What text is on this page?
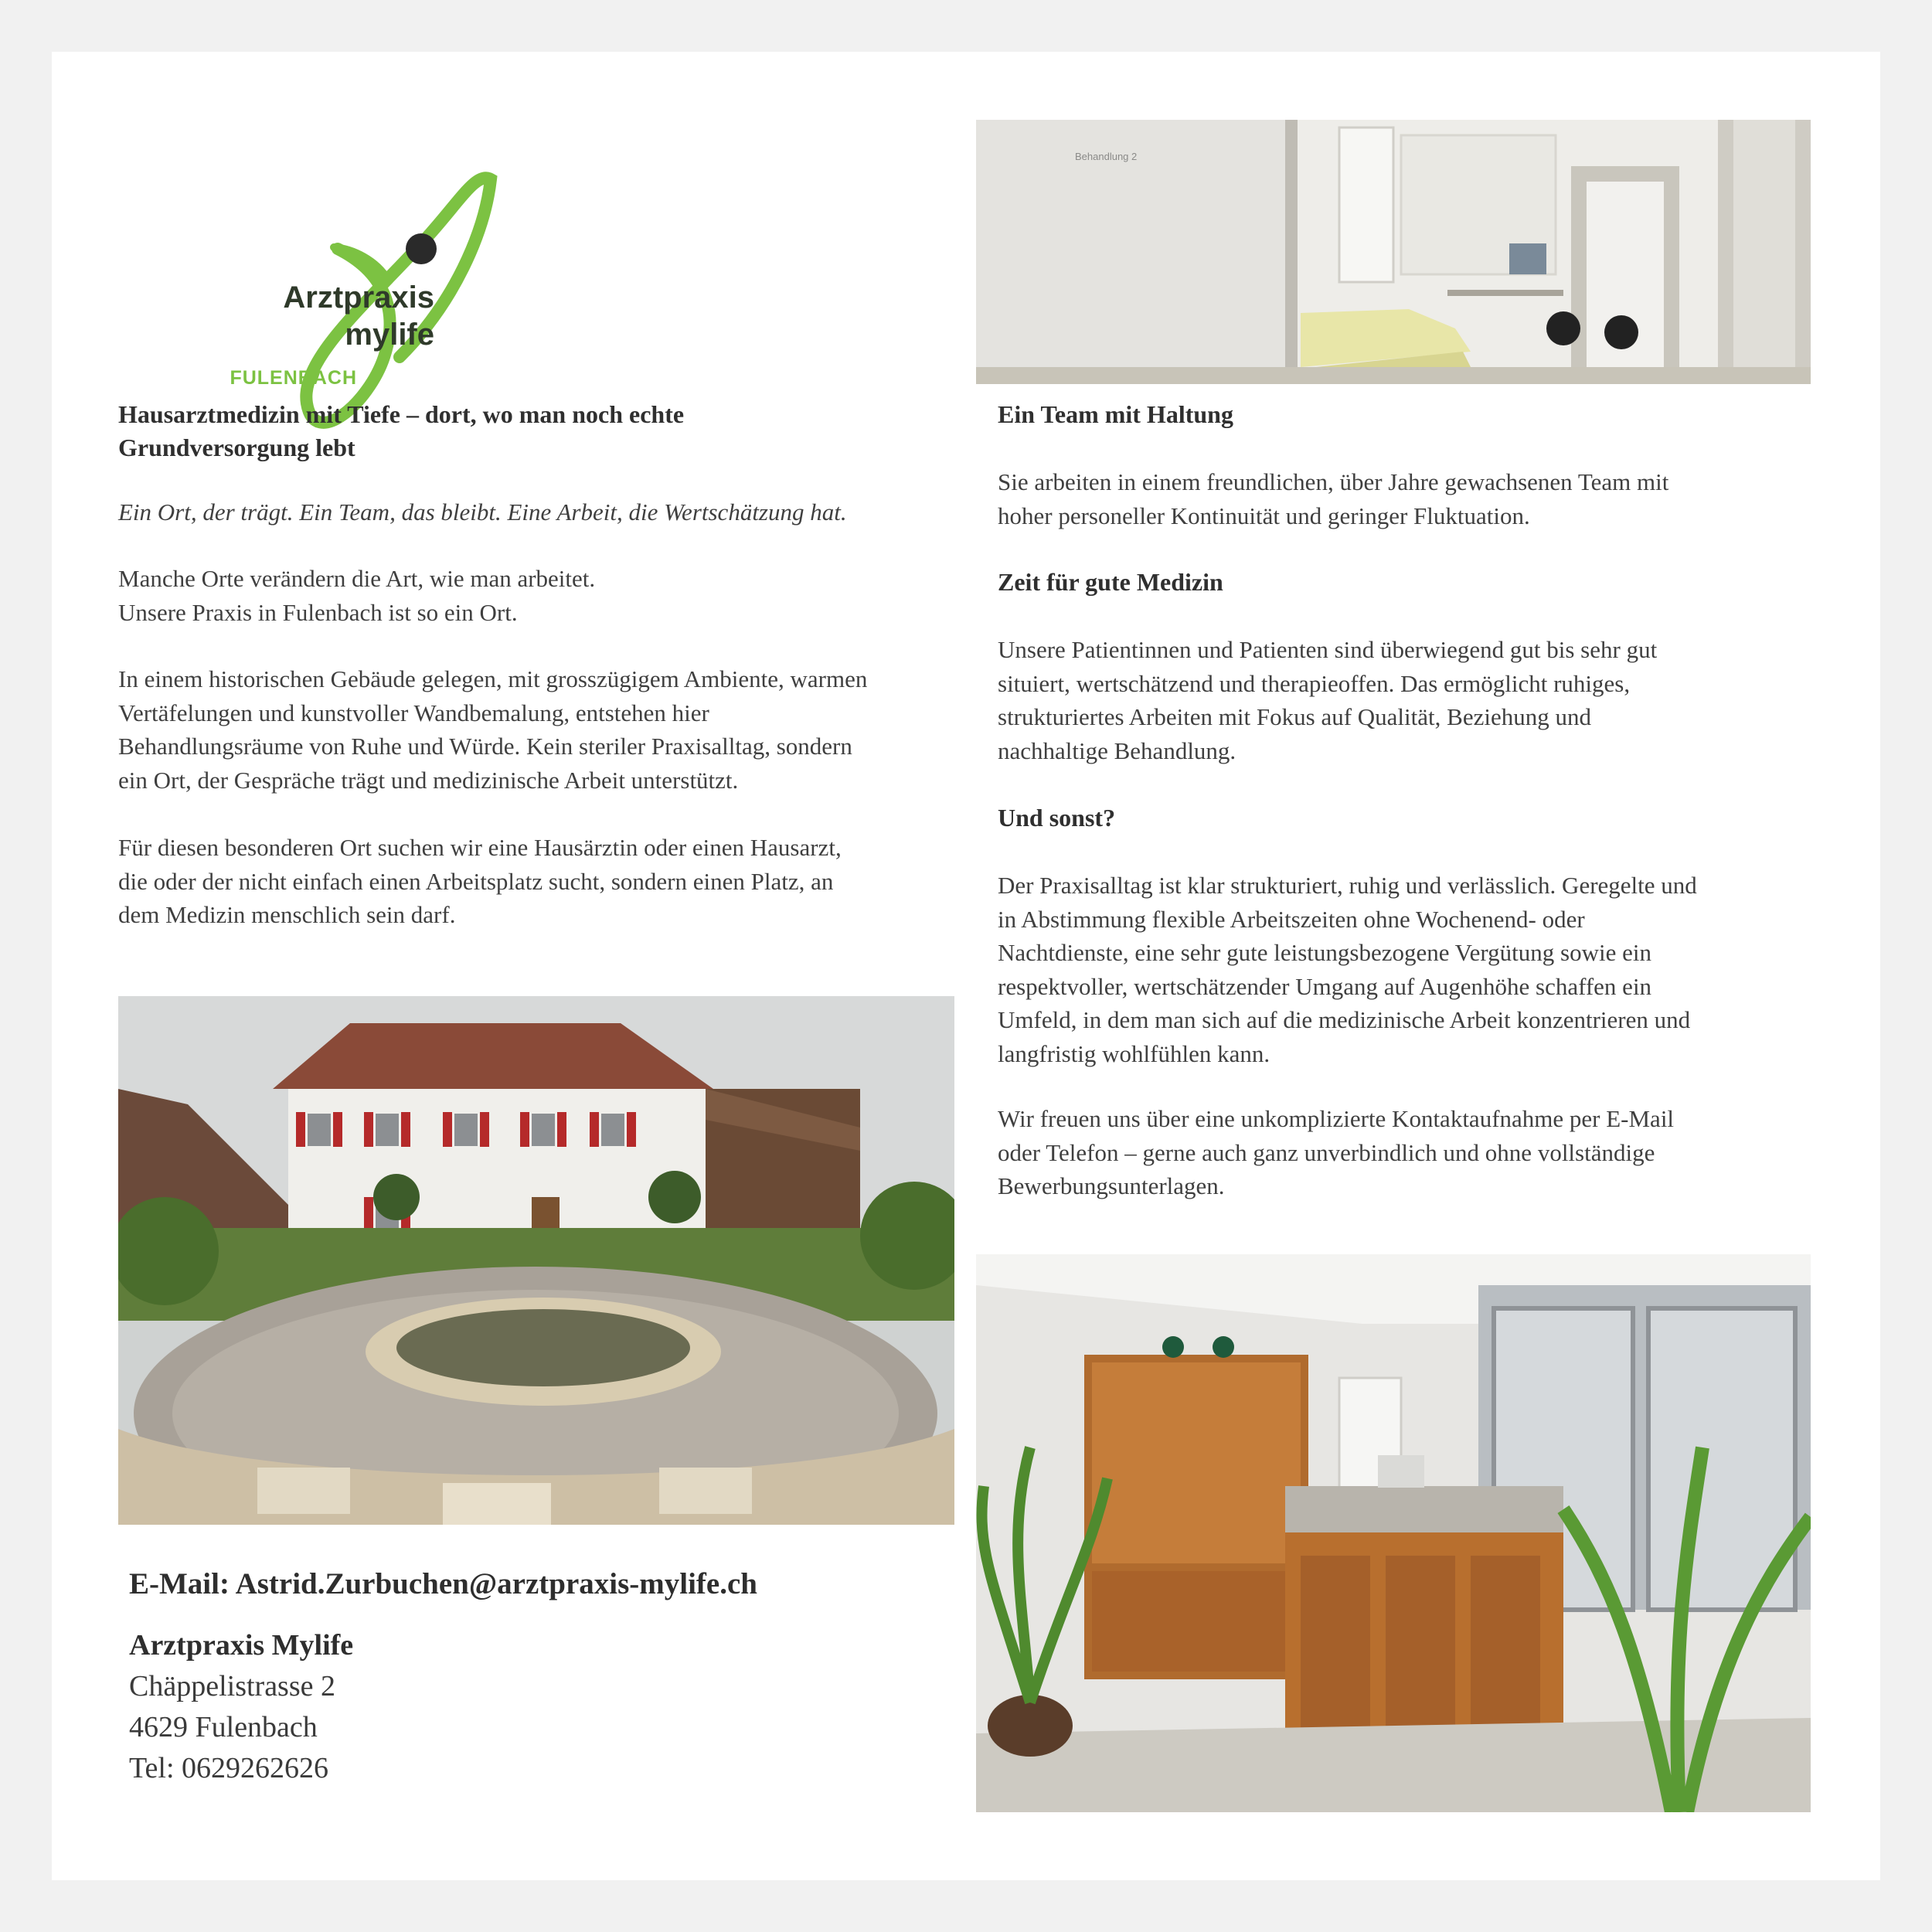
Arztpraxis
mylife
FULENBACH
Hausarztmedizin mit Tiefe – dort, wo man noch echte
Grundversorgung lebt
Ein Ort, der trägt. Ein Team, das bleibt. Eine Arbeit, die Wertschätzung hat.
Manche Orte verändern die Art, wie man arbeitet.
Unsere Praxis in Fulenbach ist so ein Ort.
In einem historischen Gebäude gelegen, mit grosszügigem Ambiente, warmen
Vertäfelungen und kunstvoller Wandbemalung, entstehen hier
Behandlungsräume von Ruhe und Würde. Kein steriler Praxisalltag, sondern
ein Ort, der Gespräche trägt und medizinische Arbeit unterstützt.
Für diesen besonderen Ort suchen wir eine Hausärztin oder einen Hausarzt,
die oder der nicht einfach einen Arbeitsplatz sucht, sondern einen Platz, an
dem Medizin menschlich sein darf.
Behandlung 2
Ein Team mit Haltung
Sie arbeiten in einem freundlichen, über Jahre gewachsenen Team mit
hoher personeller Kontinuität und geringer Fluktuation.
Zeit für gute Medizin
Unsere Patientinnen und Patienten sind überwiegend gut bis sehr gut
situiert, wertschätzend und therapieoffen. Das ermöglicht ruhiges,
strukturiertes Arbeiten mit Fokus auf Qualität, Beziehung und
nachhaltige Behandlung.
Und sonst?
Der Praxisalltag ist klar strukturiert, ruhig und verlässlich. Geregelte und
in Abstimmung flexible Arbeitszeiten ohne Wochenend- oder
Nachtdienste, eine sehr gute leistungsbezogene Vergütung sowie ein
respektvoller, wertschätzender Umgang auf Augenhöhe schaffen ein
Umfeld, in dem man sich auf die medizinische Arbeit konzentrieren und
langfristig wohlfühlen kann.
Wir freuen uns über eine unkomplizierte Kontaktaufnahme per E-Mail
oder Telefon – gerne auch ganz unverbindlich und ohne vollständige
Bewerbungsunterlagen.
E-Mail: Astrid.Zurbuchen@arztpraxis-mylife.ch
Arztpraxis Mylife
Chäppelistrasse 2
4629 Fulenbach
Tel: 0629262626
